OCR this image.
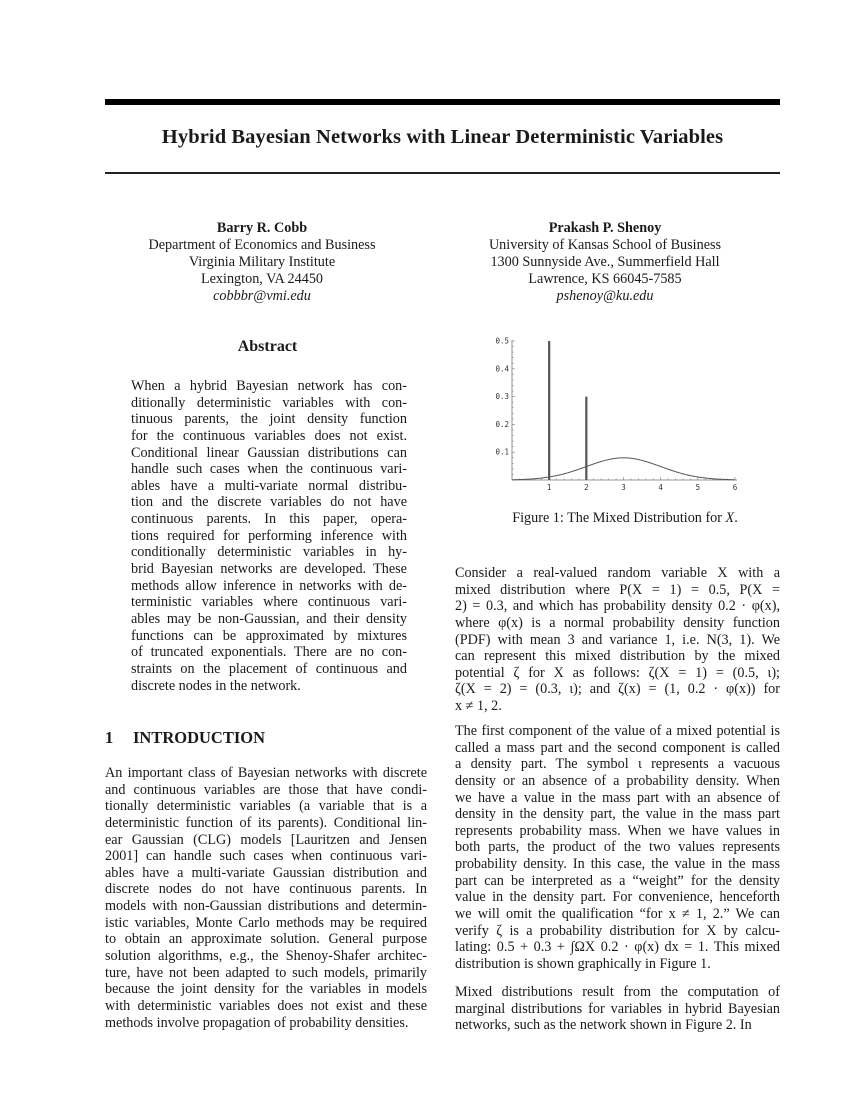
Hybrid Bayesian Networks with Linear Deterministic Variables
Barry R. Cobb
Department of Economics and Business
Virginia Military Institute
Lexington, VA 24450
cobbbr@vmi.edu
Prakash P. Shenoy
University of Kansas School of Business
1300 Sunnyside Ave., Summerfield Hall
Lawrence, KS 66045-7585
pshenoy@ku.edu
Abstract
When a hybrid Bayesian network has con-
ditionally deterministic variables with con-
tinuous parents, the joint density function
for the continuous variables does not exist.
Conditional linear Gaussian distributions can
handle such cases when the continuous vari-
ables have a multi-variate normal distribu-
tion and the discrete variables do not have
continuous parents. In this paper, opera-
tions required for performing inference with
conditionally deterministic variables in hy-
brid Bayesian networks are developed. These
methods allow inference in networks with de-
terministic variables where continuous vari-
ables may be non-Gaussian, and their density
functions can be approximated by mixtures
of truncated exponentials. There are no con-
straints on the placement of continuous and
discrete nodes in the network.
1 INTRODUCTION
An important class of Bayesian networks with discrete
and continuous variables are those that have condi-
tionally deterministic variables (a variable that is a
deterministic function of its parents). Conditional lin-
ear Gaussian (CLG) models [Lauritzen and Jensen
2001] can handle such cases when continuous vari-
ables have a multi-variate Gaussian distribution and
discrete nodes do not have continuous parents. In
models with non-Gaussian distributions and determin-
istic variables, Monte Carlo methods may be required
to obtain an approximate solution. General purpose
solution algorithms, e.g., the Shenoy-Shafer architec-
ture, have not been adapted to such models, primarily
because the joint density for the variables in models
with deterministic variables does not exist and these
methods involve propagation of probability densities.
1	2	3	4	5	6
0.1
0.2
0.3
0.4
0.5
Figure 1: The Mixed Distribution for X.
Consider a real-valued random variable X with a
mixed distribution where P(X = 1) = 0.5, P(X =
2) = 0.3, and which has probability density 0.2 · φ(x),
where φ(x) is a normal probability density function
(PDF) with mean 3 and variance 1, i.e. N(3, 1). We
can represent this mixed distribution by the mixed
potential ζ for X as follows: ζ(X = 1) = (0.5, ι);
ζ(X = 2) = (0.3, ι); and ζ(x) = (1, 0.2 · φ(x)) for
x ≠ 1, 2.
The first component of the value of a mixed potential is
called a mass part and the second component is called
a density part. The symbol ι represents a vacuous
density or an absence of a probability density. When
we have a value in the mass part with an absence of
density in the density part, the value in the mass part
represents probability mass. When we have values in
both parts, the product of the two values represents
probability density. In this case, the value in the mass
part can be interpreted as a “weight” for the density
value in the density part. For convenience, henceforth
we will omit the qualification “for x ≠ 1, 2.” We can
verify ζ is a probability distribution for X by calcu-
lating: 0.5 + 0.3 + ∫ΩX 0.2 · φ(x) dx = 1. This mixed
distribution is shown graphically in Figure 1.
Mixed distributions result from the computation of
marginal distributions for variables in hybrid Bayesian
networks, such as the network shown in Figure 2. In
